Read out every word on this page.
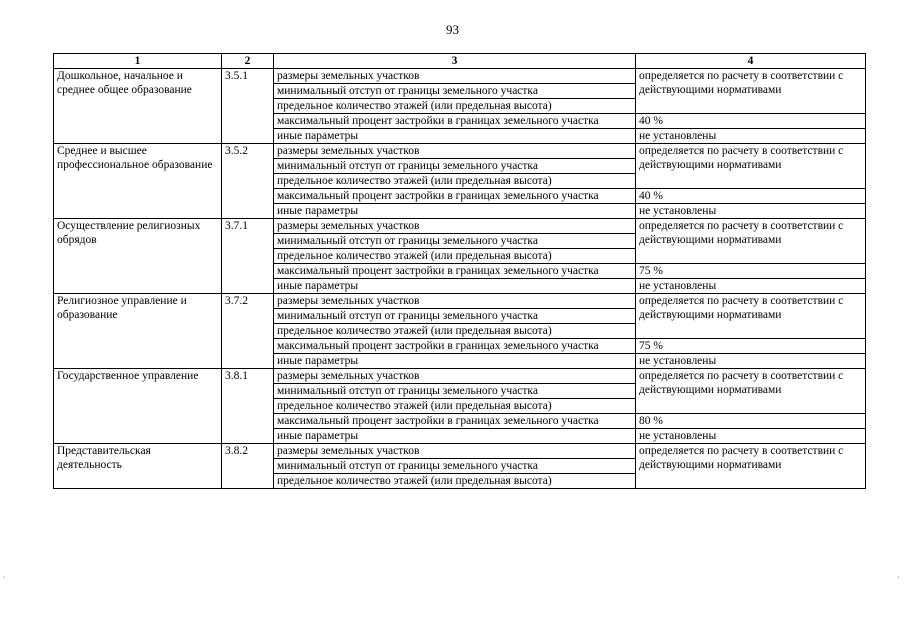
93
1	2	3	4
Дошкольное, начальное и среднее общее образование	3.5.1	размеры земельных участков	определяется по расчету в соответствии с действующими нормативами
		минимальный отступ от границы земельного участка	
		предельное количество этажей (или предельная высота)	
		максимальный процент застройки в границах земельного участка	40 %
		иные параметры	не установлены
Среднее и высшее профессиональное образование	3.5.2	размеры земельных участков	определяется по расчету в соответствии с действующими нормативами
		минимальный отступ от границы земельного участка	
		предельное количество этажей (или предельная высота)	
		максимальный процент застройки в границах земельного участка	40 %
		иные параметры	не установлены
Осуществление религиозных обрядов	3.7.1	размеры земельных участков	определяется по расчету в соответствии с действующими нормативами
		минимальный отступ от границы земельного участка	
		предельное количество этажей (или предельная высота)	
		максимальный процент застройки в границах земельного участка	75 %
		иные параметры	не установлены
Религиозное управление и образование	3.7.2	размеры земельных участков	определяется по расчету в соответствии с действующими нормативами
		минимальный отступ от границы земельного участка	
		предельное количество этажей (или предельная высота)	
		максимальный процент застройки в границах земельного участка	75 %
		иные параметры	не установлены
Государственное управление	3.8.1	размеры земельных участков	определяется по расчету в соответствии с действующими нормативами
		минимальный отступ от границы земельного участка	
		предельное количество этажей (или предельная высота)	
		максимальный процент застройки в границах земельного участка	80 %
		иные параметры	не установлены
Представительская деятельность	3.8.2	размеры земельных участков	определяется по расчету в соответствии с действующими нормативами
		минимальный отступ от границы земельного участка	
		предельное количество этажей (или предельная высота)	
·	·
